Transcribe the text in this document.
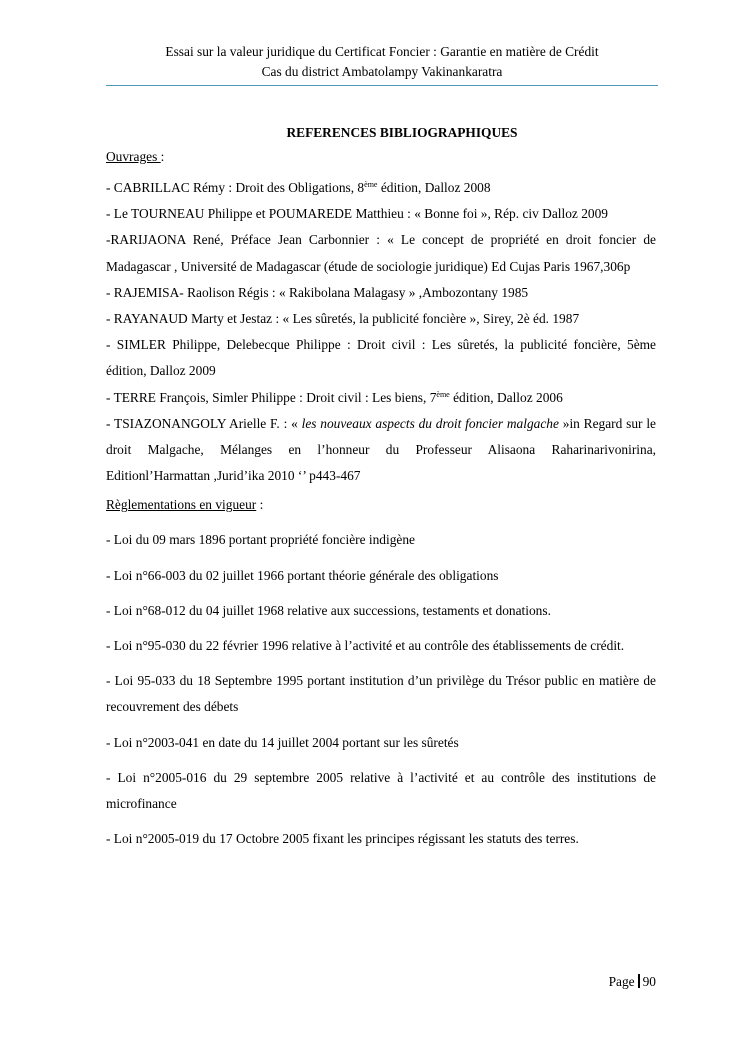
Essai sur la valeur juridique du Certificat Foncier : Garantie en matière de Crédit
Cas du district Ambatolampy Vakinankaratra
REFERENCES BIBLIOGRAPHIQUES
Ouvrages :

- CABRILLAC Rémy : Droit des Obligations, 8ème édition, Dalloz 2008

- Le TOURNEAU Philippe et POUMAREDE Matthieu : « Bonne foi », Rép. civ Dalloz 2009

-RARIJAONA René, Préface Jean Carbonnier : « Le concept de propriété en droit foncier de Madagascar , Université de Madagascar (étude de sociologie juridique) Ed Cujas Paris 1967,306p

- RAJEMISA- Raolison Régis : « Rakibolana Malagasy » ,Ambozontany 1985

- RAYANAUD Marty et Jestaz : « Les sûretés, la publicité foncière », Sirey, 2è éd. 1987

- SIMLER Philippe, Delebecque Philippe : Droit civil : Les sûretés, la publicité foncière, 5ème édition, Dalloz 2009

- TERRE François, Simler Philippe : Droit civil : Les biens, 7ème édition, Dalloz 2006

- TSIAZONANGOLY Arielle F. : « les nouveaux aspects du droit foncier malgache »in Regard sur le droit Malgache, Mélanges en l’honneur du Professeur Alisaona Raharinarivonirina, Editionl’Harmattan ,Jurid’ika 2010 ‘’ p443-467

Règlementations en vigueur :

- Loi du 09 mars 1896 portant propriété foncière indigène

- Loi n°66-003 du 02 juillet 1966 portant théorie générale des obligations

- Loi n°68-012 du 04 juillet 1968 relative aux successions, testaments et donations.

- Loi n°95-030 du 22 février 1996 relative à l’activité et au contrôle des établissements de crédit.

- Loi 95-033 du 18 Septembre 1995 portant institution d’un privilège du Trésor public en matière de recouvrement des débets

- Loi n°2003-041 en date du 14 juillet 2004 portant sur les sûretés

- Loi n°2005-016 du 29 septembre 2005 relative à l’activité et au contrôle des institutions de microfinance

- Loi n°2005-019 du 17 Octobre 2005 fixant les principes régissant les statuts des terres.

Page 90
